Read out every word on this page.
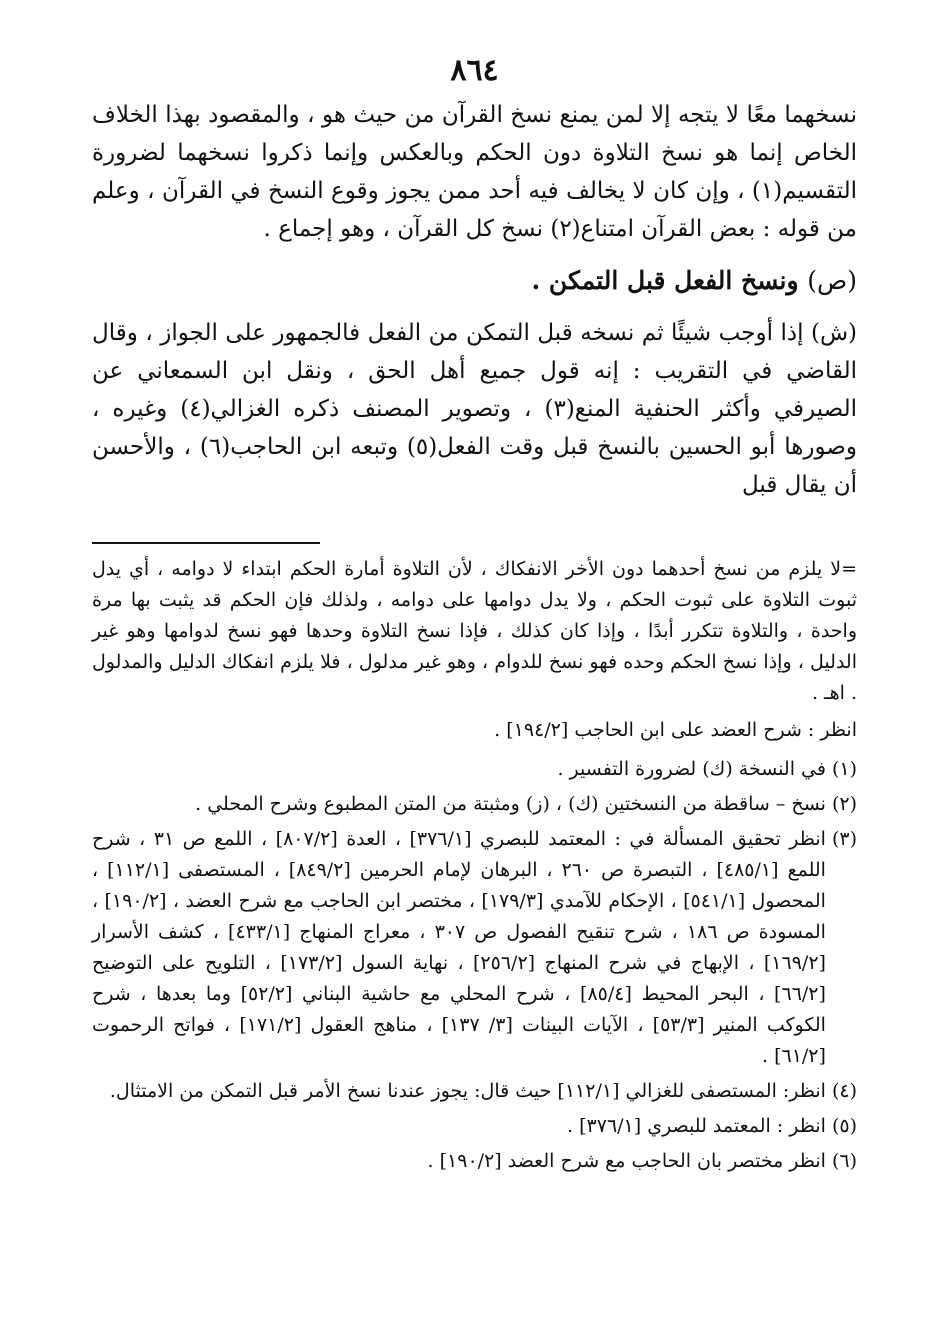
٨٦٤

نسخهما معًا لا يتجه إلا لمن يمنع نسخ القرآن من حيث هو ، والمقصود بهذا الخلاف الخاص إنما هو نسخ التلاوة دون الحكم وبالعكس وإنما ذكروا نسخهما لضرورة التقسيم(١) ، وإن كان لا يخالف فيه أحد ممن يجوز وقوع النسخ في القرآن ، وعلم من قوله : بعض القرآن امتناع(٢) نسخ كل القرآن ، وهو إجماع .

(ص) ونسخ الفعل قبل التمكن .

(ش) إذا أوجب شيئًا ثم نسخه قبل التمكن من الفعل فالجمهور على الجواز ، وقال القاضي في التقريب : إنه قول جميع أهل الحق ، ونقل ابن السمعاني عن الصيرفي وأكثر الحنفية المنع(٣) ، وتصوير المصنف ذكره الغزالي(٤) وغيره ، وصورها أبو الحسين بالنسخ قبل وقت الفعل(٥) وتبعه ابن الحاجب(٦) ، والأحسن أن يقال قبل

=لا يلزم من نسخ أحدهما دون الأخر الانفكاك ، لأن التلاوة أمارة الحكم ابتداء لا دوامه ، أي يدل ثبوت التلاوة على ثبوت الحكم ، ولا يدل دوامها على دوامه ، ولذلك فإن الحكم قد يثبت بها مرة واحدة ، والتلاوة تتكرر أبدًا ، وإذا كان كذلك ، فإذا نسخ التلاوة وحدها فهو نسخ لدوامها وهو غير الدليل ، وإذا نسخ الحكم وحده فهو نسخ للدوام ، وهو غير مدلول ، فلا يلزم انفكاك الدليل والمدلول . اهـ .

انظر : شرح العضد على ابن الحاجب [١٩٤/٢] .

(١)
في النسخة (ك) لضرورة التفسير .
(٢)
نسخ – ساقطة من النسختين (ك) ، (ز) ومثبتة من المتن المطبوع وشرح المحلي .
(٣)
انظر تحقيق المسألة في : المعتمد للبصري [٣٧٦/١] ، العدة [٨٠٧/٢] ، اللمع ص ٣١ ، شرح اللمع [٤٨٥/١] ، التبصرة ص ٢٦٠ ، البرهان لإمام الحرمين [٨٤٩/٢] ، المستصفى [١١٢/١] ، المحصول [٥٤١/١] ، الإحكام للآمدي [١٧٩/٣] ، مختصر ابن الحاجب مع شرح العضد ، [١٩٠/٢] ، المسودة ص ١٨٦ ، شرح تنقيح الفصول ص ٣٠٧ ، معراج المنهاج [٤٣٣/١] ، كشف الأسرار [١٦٩/٢] ، الإبهاج في شرح المنهاج [٢٥٦/٢] ، نهاية السول [١٧٣/٢] ، التلويح على التوضيح [٦٦/٢] ، البحر المحيط [٨٥/٤] ، شرح المحلي مع حاشية البناني [٥٢/٢] وما بعدها ، شرح الكوكب المنير [٥٣/٣] ، الآيات البينات [٣/ ١٣٧] ، مناهج العقول [١٧١/٢] ، فواتح الرحموت [٦١/٢] .
(٤)
انظر: المستصفى للغزالي [١١٢/١] حيث قال: يجوز عندنا نسخ الأمر قبل التمكن من الامتثال.
(٥)
انظر : المعتمد للبصري [٣٧٦/١] .
(٦)
انظر مختصر بان الحاجب مع شرح العضد [١٩٠/٢] .
